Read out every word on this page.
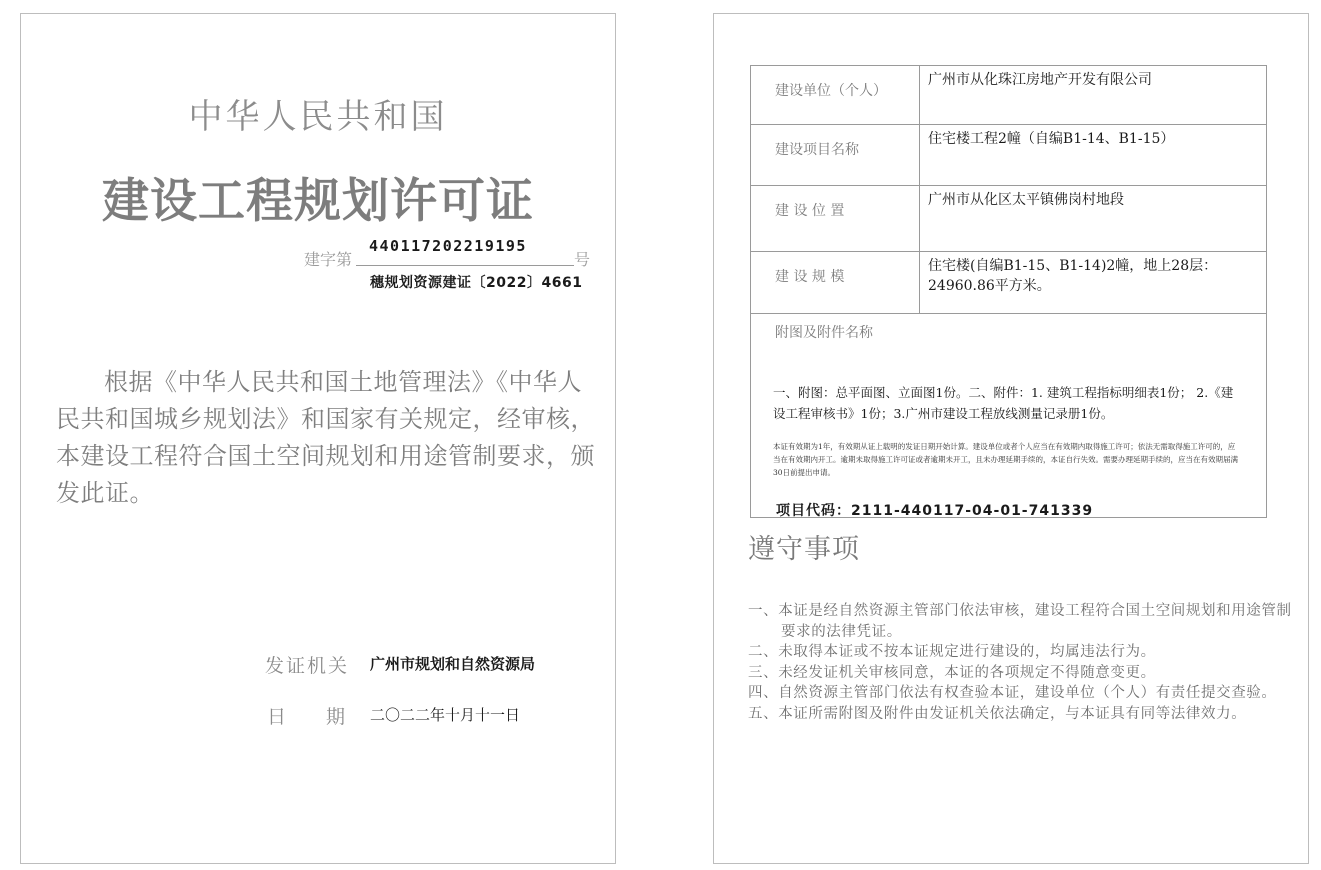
中华人民共和国
建设工程规划许可证
建字第
440117202219195
号
穗规划资源建证〔2022〕4661
根据《中华人民共和国土地管理法》《中华人民共和国城乡规划法》和国家有关规定，经审核，本建设工程符合国土空间规划和用途管制要求，颁发此证。
发证机关 广州市规划和自然资源局
日期
二〇二二年十月十一日
建设单位（个人）	广州市从化珠江房地产开发有限公司
建设项目名称	住宅楼工程2幢（自编B1-14、B1-15）
建 设 位 置	广州市从化区太平镇佛岗村地段
建 设 规 模	住宅楼(自编B1-15、B1-14)2幢，地上28层：24960.86平方米。

附图及附件名称
一、附图：总平面图、立面图1份。二、附件：1. 建筑工程指标明细表1份； 2.《建设工程审核书》1份；3.广州市建设工程放线测量记录册1份。
本证有效期为1年，有效期从证上载明的发证日期开始计算。建设单位或者个人应当在有效期内取得施工许可；依法无需取得施工许可的，应当在有效期内开工。逾期未取得施工许可证或者逾期未开工，且未办理延期手续的，本证自行失效。需要办理延期手续的，应当在有效期届满30日前提出申请。	
项目代码：2111-440117-04-01-741339
遵守事项
一、本证是经自然资源主管部门依法审核，建设工程符合国土空间规划和用途管制要求的法律凭证。
二、未取得本证或不按本证规定进行建设的，均属违法行为。
三、未经发证机关审核同意，本证的各项规定不得随意变更。
四、自然资源主管部门依法有权查验本证，建设单位（个人）有责任提交查验。
五、本证所需附图及附件由发证机关依法确定，与本证具有同等法律效力。
